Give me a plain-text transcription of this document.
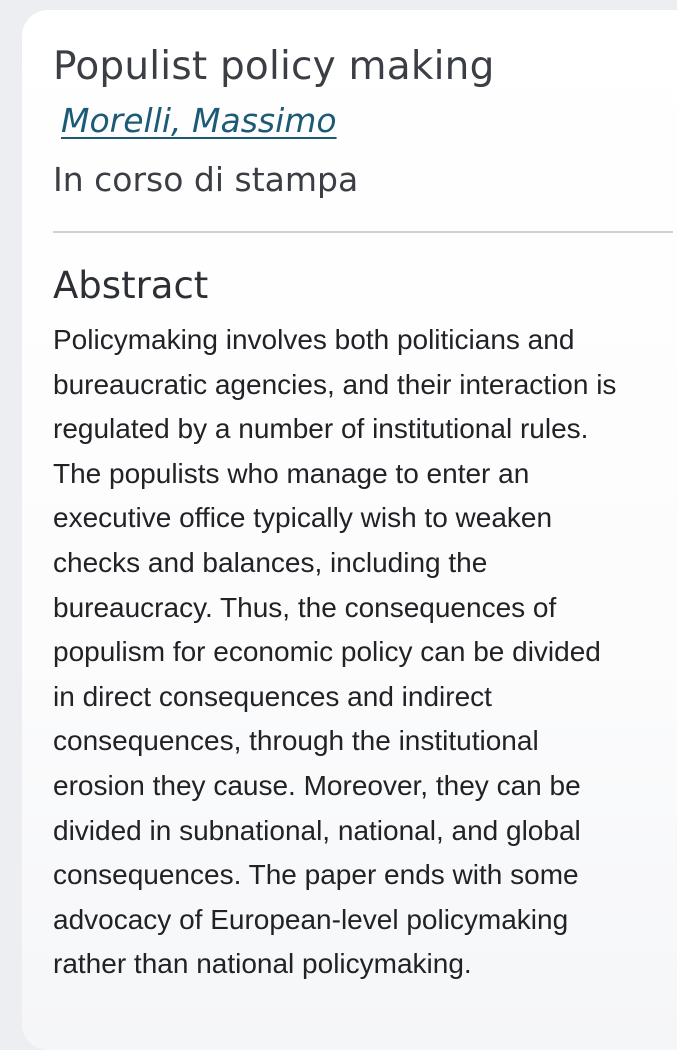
Populist policy making
Morelli, Massimo
In corso di stampa
Abstract

Policymaking involves both politicians and
bureaucratic agencies, and their interaction is
regulated by a number of institutional rules.
The populists who manage to enter an
executive office typically wish to weaken
checks and balances, including the
bureaucracy. Thus, the consequences of
populism for economic policy can be divided
in direct consequences and indirect
consequences, through the institutional
erosion they cause. Moreover, they can be
divided in subnational, national, and global
consequences. The paper ends with some
advocacy of European-level policymaking
rather than national policymaking.
